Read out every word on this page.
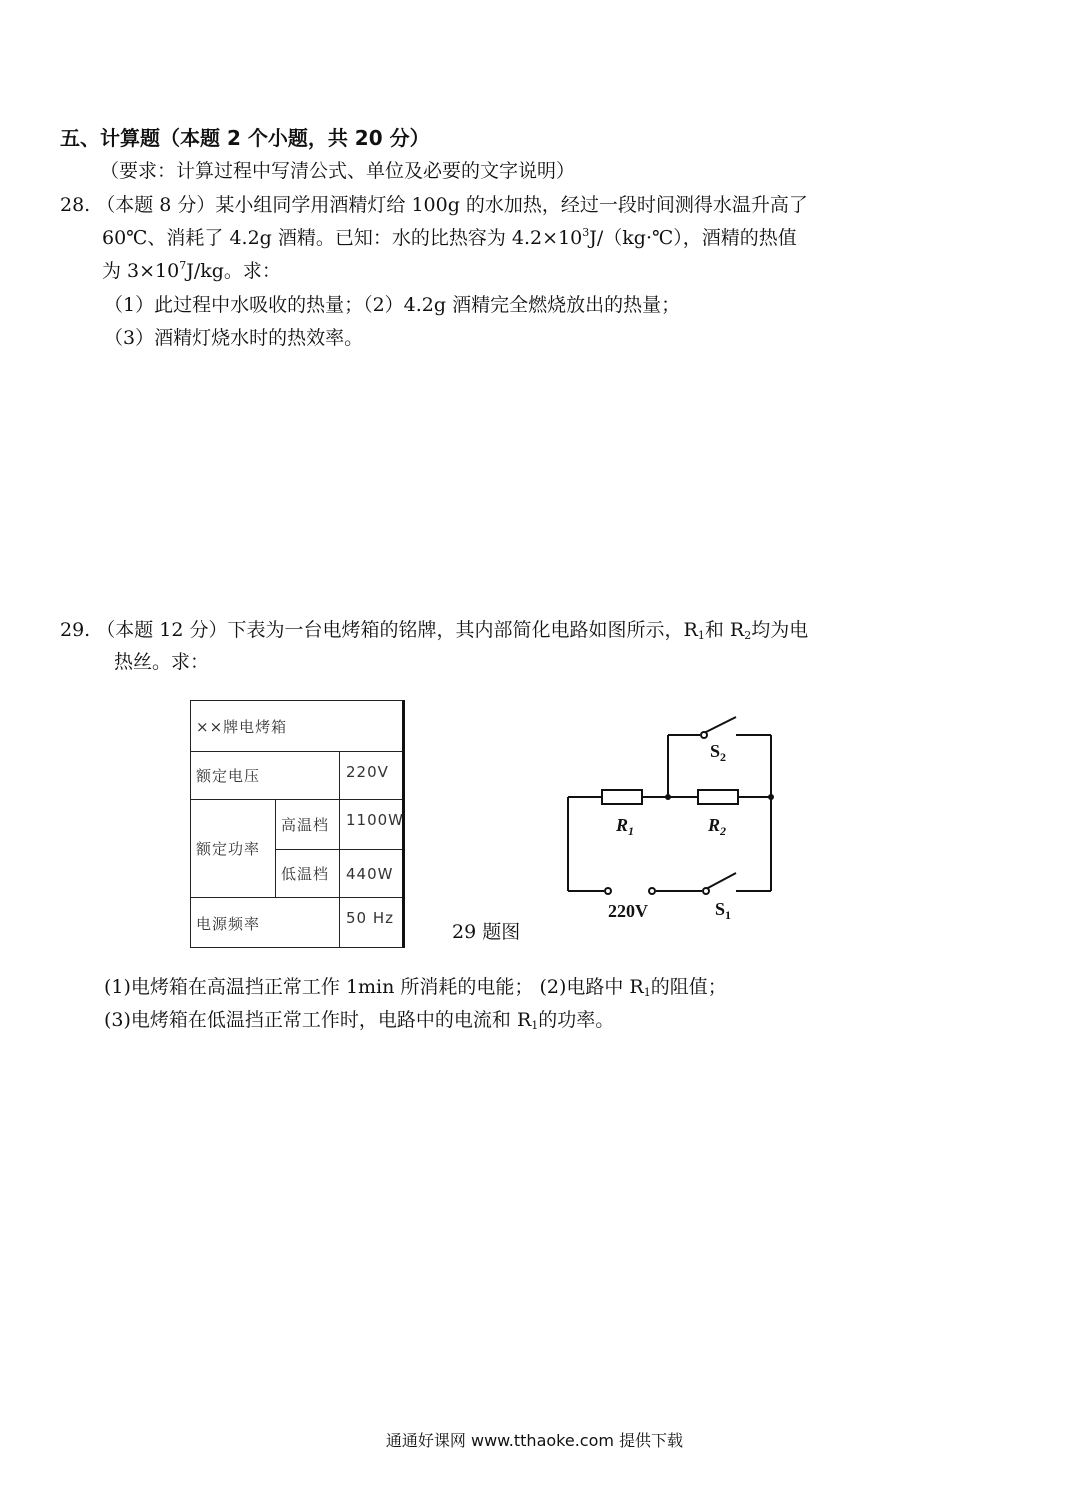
五、计算题（本题 2 个小题，共 20 分）
（要求：计算过程中写清公式、单位及必要的文字说明）
28. （本题 8 分）某小组同学用酒精灯给 100g 的水加热，经过一段时间测得水温升高了
60℃、消耗了 4.2g 酒精。已知：水的比热容为 $4.2\times 10^3J/(kg\cdot℃)$，酒精的热值
为 $3\times 10^7J/kg$。求：
（1）此过程中水吸收的热量；（2）4.2g 酒精完全燃烧放出的热量；
（3）酒精灯烧水时的热效率。
29. （本题 12 分）下表为一台电烤箱的铭牌，其内部简化电路如图所示，$R_1$和 $R_2$均为电
热丝。求：
××牌电烤箱
额定电压	220V
额定功率
高温档	1100W
低温档	440W
电源频率	50 Hz
29 题图
$S_2$
$R_1$	$R_2$
220V	$S_1$
(1)电烤箱在高温挡正常工作 1min 所消耗的电能； (2)电路中 $R_1$的阻值；
(3)电烤箱在低温挡正常工作时，电路中的电流和 $R_1$的功率。
通通好课网 www.tthaoke.com 提供下载
